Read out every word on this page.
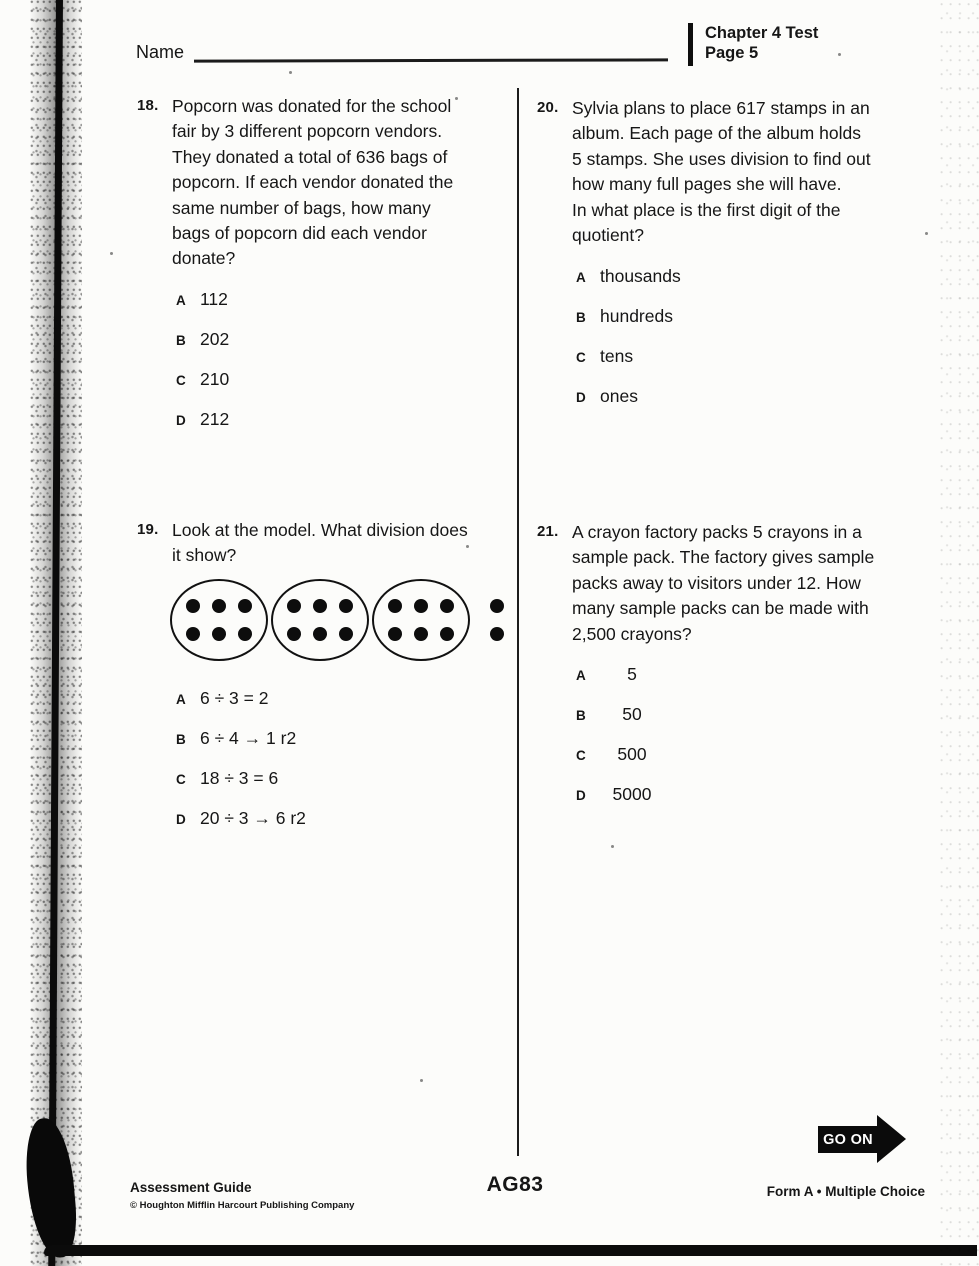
Name
Chapter 4 Test
Page 5
18. Popcorn was donated for the school
fair by 3 different popcorn vendors.
They donated a total of 636 bags of
popcorn. If each vendor donated the
same number of bags, how many
bags of popcorn did each vendor
donate?
A 112
B 202
C 210
D 212
19. Look at the model. What division does
it show?
A 6 ÷ 3 = 2
B 6 ÷ 4 → 1 r2
C 18 ÷ 3 = 6
D 20 ÷ 3 → 6 r2
20. Sylvia plans to place 617 stamps in an
album. Each page of the album holds
5 stamps. She uses division to find out
how many full pages she will have.
In what place is the first digit of the
quotient?
A thousands
B hundreds
C tens
D ones
21. A crayon factory packs 5 crayons in a
sample pack. The factory gives sample
packs away to visitors under 12. How
many sample packs can be made with
2,500 crayons?
A	5
B	50
C	500
D	5000
GO ON
Assessment Guide
© Houghton Mifflin Harcourt Publishing Company
AG83	Form A • Multiple Choice
